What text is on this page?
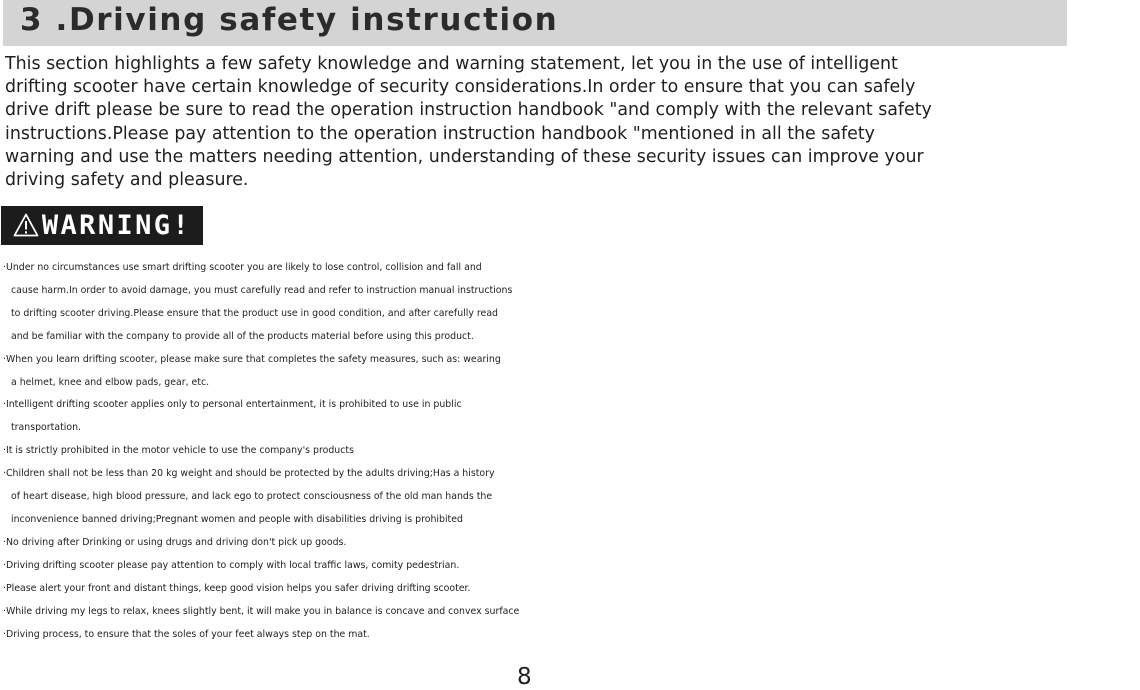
3 .Driving safety instruction
This section highlights a few safety knowledge and warning statement, let you in the use of intelligent
drifting scooter have certain knowledge of security considerations.In order to ensure that you can safely
drive drift please be sure to read the operation instruction handbook "and comply with the relevant safety
instructions.Please pay attention to the operation instruction handbook "mentioned in all the safety
warning and use the matters needing attention, understanding of these security issues can improve your
driving safety and pleasure.
WARNING!
·Under no circumstances use smart drifting scooter you are likely to lose control, collision and fall and
cause harm.In order to avoid damage, you must carefully read and refer to instruction manual instructions
to drifting scooter driving.Please ensure that the product use in good condition, and after carefully read
and be familiar with the company to provide all of the products material before using this product.
·When you learn drifting scooter, please make sure that completes the safety measures, such as: wearing
a helmet, knee and elbow pads, gear, etc.
·Intelligent drifting scooter applies only to personal entertainment, it is prohibited to use in public
transportation.
·It is strictly prohibited in the motor vehicle to use the company's products
·Children shall not be less than 20 kg weight and should be protected by the adults driving;Has a history
of heart disease, high blood pressure, and lack ego to protect consciousness of the old man hands the
inconvenience banned driving;Pregnant women and people with disabilities driving is prohibited
·No driving after Drinking or using drugs and driving don't pick up goods.
·Driving drifting scooter please pay attention to comply with local traffic laws, comity pedestrian.
·Please alert your front and distant things, keep good vision helps you safer driving drifting scooter.
·While driving my legs to relax, knees slightly bent, it will make you in balance is concave and convex surface
·Driving process, to ensure that the soles of your feet always step on the mat.
8
